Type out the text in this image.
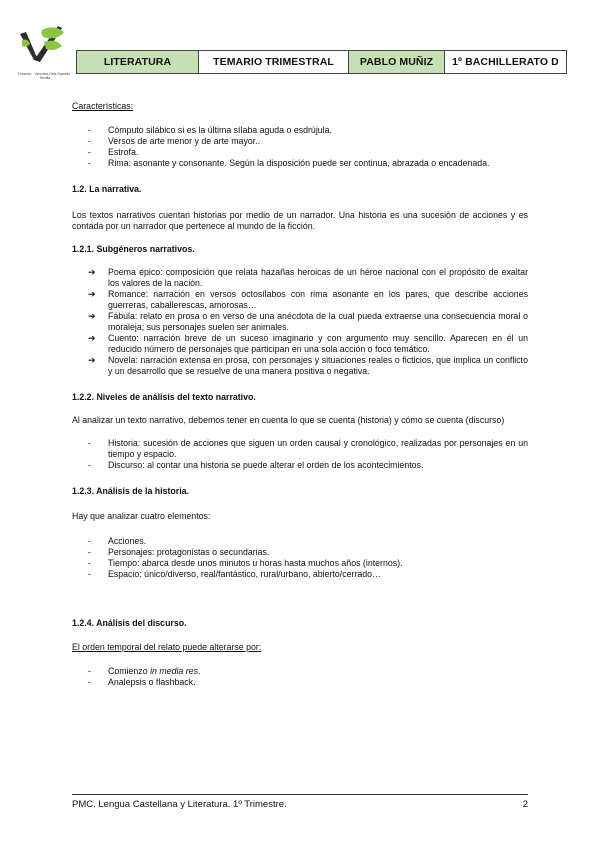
Fomento · Verónica Ortiz Salcedo · Sevilla
LITERATURA	TEMARIO TRIMESTRAL	PABLO MUÑIZ	1º BACHILLERATO D

Características:

- Cómputo silábico si es la última sílaba aguda o esdrújula.
- Versos de arte menor y de arte mayor..
- Estrofa.
- Rima: asonante y consonante. Según la disposición puede ser continua, abrazada o encadenada.
1.2. La narrativa.

Los textos narrativos cuentan historias por medio de un narrador. Una historia es una sucesión de acciones y es contada por un narrador que pertenece al mundo de la ficción.

1.2.1. Subgéneros narrativos.
➔ Poema épico: composición que relata hazañas heroicas de un héroe nacional con el propósito de exaltar los valores de la nación.
➔ Romance: narración en versos octosílabos con rima asonante en los pares, que describe acciones guerreras, caballerescas, amorosas…
➔ Fábula: relato en prosa o en verso de una anécdota de la cual pueda extraerse una consecuencia moral o moraleja; sus personajes suelen ser animales.
➔ Cuento: narración breve de un suceso imaginario y con argumento muy sencillo. Aparecen en él un reducido número de personajes que participan en una sola acción o foco temático.
➔ Novela: narración extensa en prosa, con personajes y situaciones reales o ficticios, que implica un conflicto y un desarrollo que se resuelve de una manera positiva o negativa.
1.2.2. Niveles de análisis del texto narrativo.

Al analizar un texto narrativo, debemos tener en cuenta lo que se cuenta (historia) y cómo se cuenta (discurso)

- Historia: sucesión de acciones que siguen un orden causal y cronológico, realizadas por personajes en un tiempo y espacio.
- Discurso: al contar una historia se puede alterar el orden de los acontecimientos.
1.2.3. Análisis de la historia.

Hay que analizar cuatro elementos:

- Acciones.
- Personajes: protagonistas o secundarias.
- Tiempo: abarca desde unos minutos u horas hasta muchos años (internos).
- Espacio: único/diverso, real/fantástico, rural/urbano, abierto/cerrado…
1.2.4. Análisis del discurso.

El orden temporal del relato puede alterarse por:

- Comienzo in media res.
- Analepsis o flashback.
PMC. Lengua Castellana y Literatura. 1º Trimestre.	2
